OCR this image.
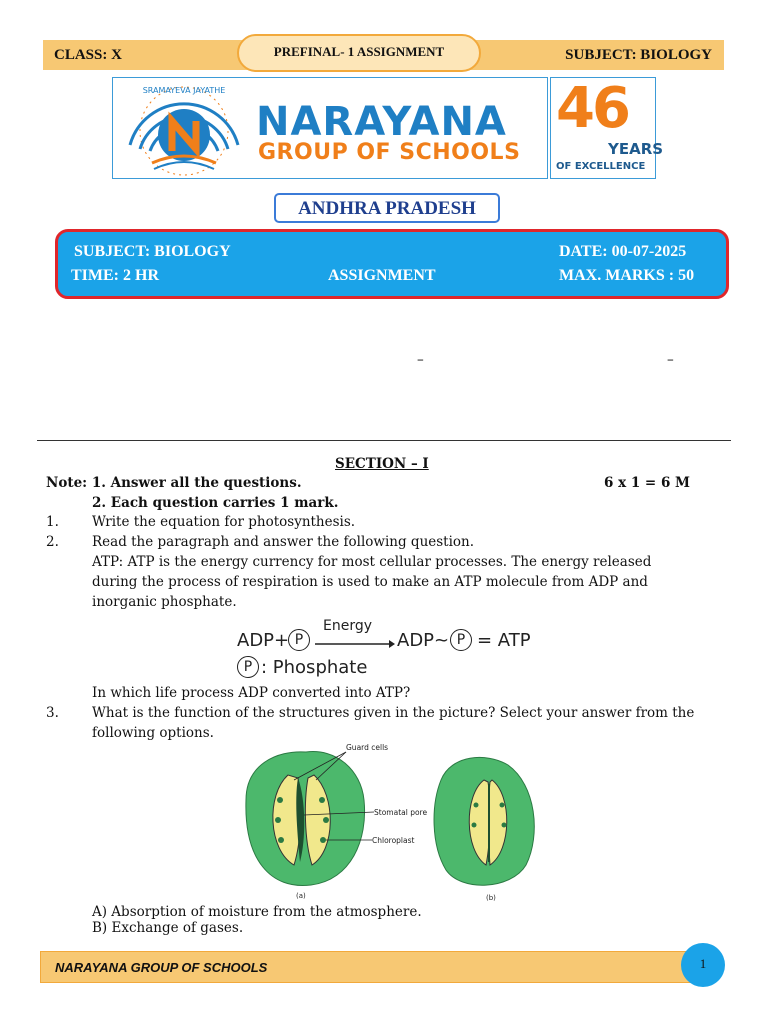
CLASS: X	SUBJECT: BIOLOGY
PREFINAL- 1 ASSIGNMENT
SRAMAYEVA JAYATHE
NARAYANA
GROUP OF SCHOOLS
46
YEARS
OF EXCELLENCE
ANDHRA PRADESH
SUBJECT: BIOLOGY	DATE: 00-07-2025
TIME: 2 HR	ASSIGNMENT	MAX. MARKS : 50
–	–
SECTION – I
Note: 1. Answer all the questions.	6 x 1 = 6 M
2. Each question carries 1 mark.
1. Write the equation for photosynthesis.
2. Read the paragraph and answer the following question.
ATP: ATP is the energy currency for most cellular processes. The energy released
during the process of respiration is used to make an ATP molecule from ADP and
inorganic phosphate.
ADP+ P
Energy
ADP~ P = ATP
P : Phosphate
In which life process ADP converted into ATP?
3. What is the function of the structures given in the picture? Select your answer from the following options.
(a)	(b)
Guard cells
Stomatal pore
Chloroplast
A) Absorption of moisture from the atmosphere.
B) Exchange of gases.
NARAYANA GROUP OF SCHOOLS	1
